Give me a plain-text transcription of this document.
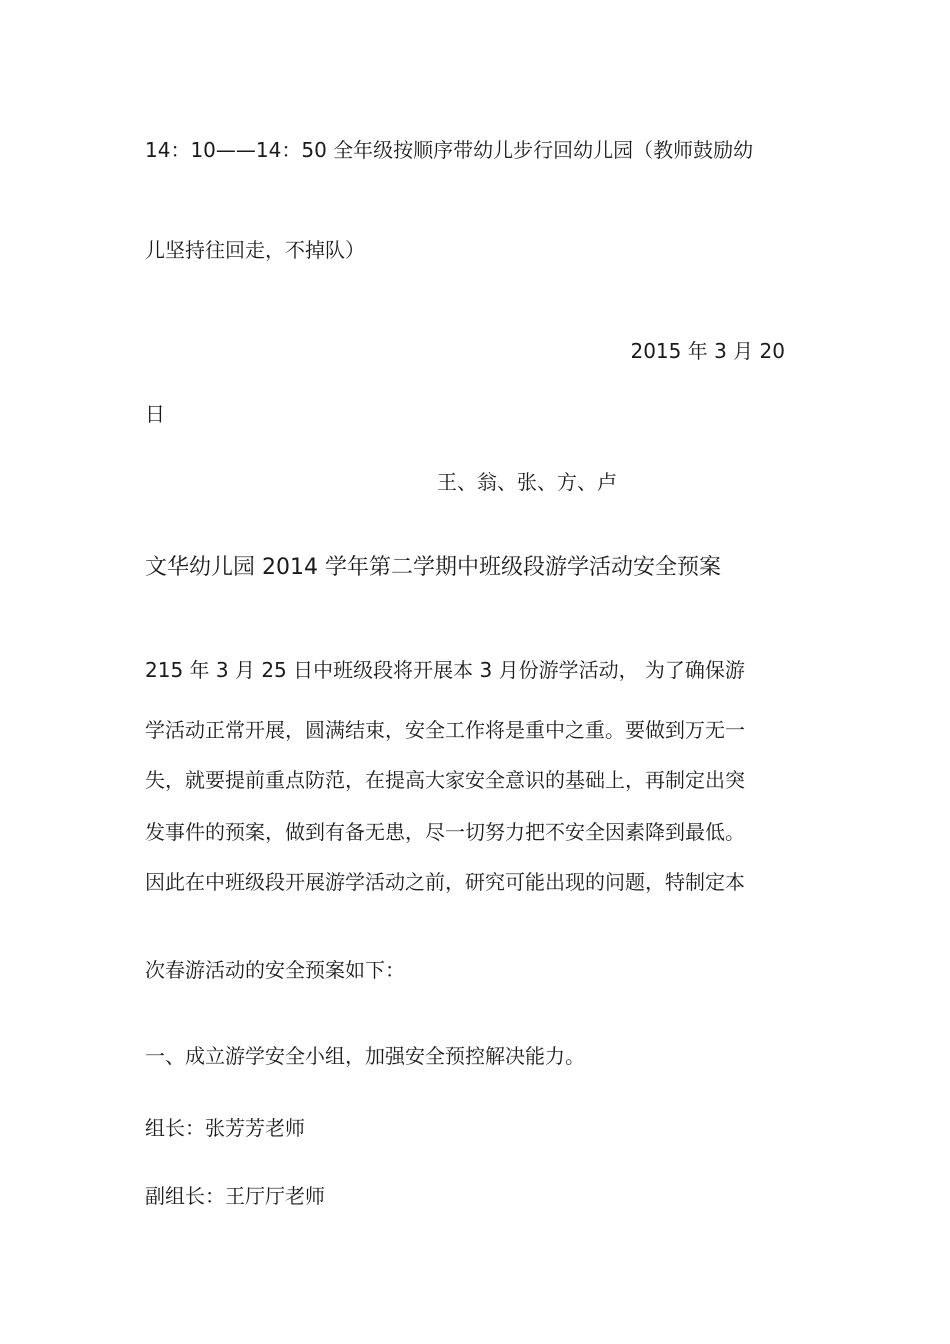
14：10——14：50 全年级按顺序带幼儿步行回幼儿园（教师鼓励幼

儿坚持往回走，不掉队）

2015 年 3 月 20

日

王、翁、张、方、卢

文华幼儿园 2014 学年第二学期中班级段游学活动安全预案

215 年 3 月 25 日中班级段将开展本 3 月份游学活动， 为了确保游

学活动正常开展，圆满结束，安全工作将是重中之重。要做到万无一

失，就要提前重点防范，在提高大家安全意识的基础上，再制定出突

发事件的预案，做到有备无患，尽一切努力把不安全因素降到最低。

因此在中班级段开展游学活动之前，研究可能出现的问题，特制定本

次春游活动的安全预案如下：

一、成立游学安全小组，加强安全预控解决能力。

组长：张芳芳老师

副组长：王厅厅老师
